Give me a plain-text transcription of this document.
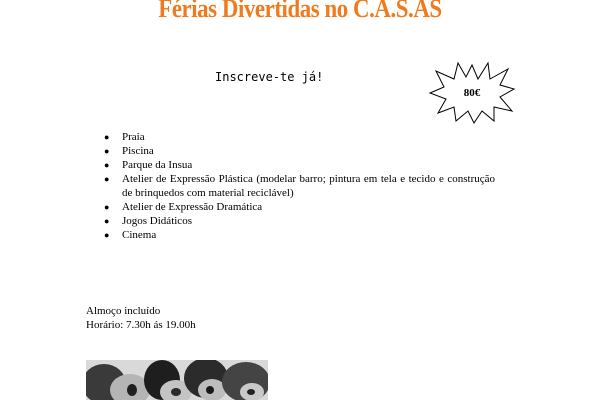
Férias Divertidas no C.A.S.AS

Inscreve-te já!

80€
● Praia
● Piscina
● Parque da Insua
● Atelier de Expressão Plástica (modelar barro; pintura em tela e tecido e construção de brinquedos com material reciclável)
● Atelier de Expressão Dramática
● Jogos Didáticos
● Cinema
Almoço incluído
Horário: 7.30h ás 19.00h
